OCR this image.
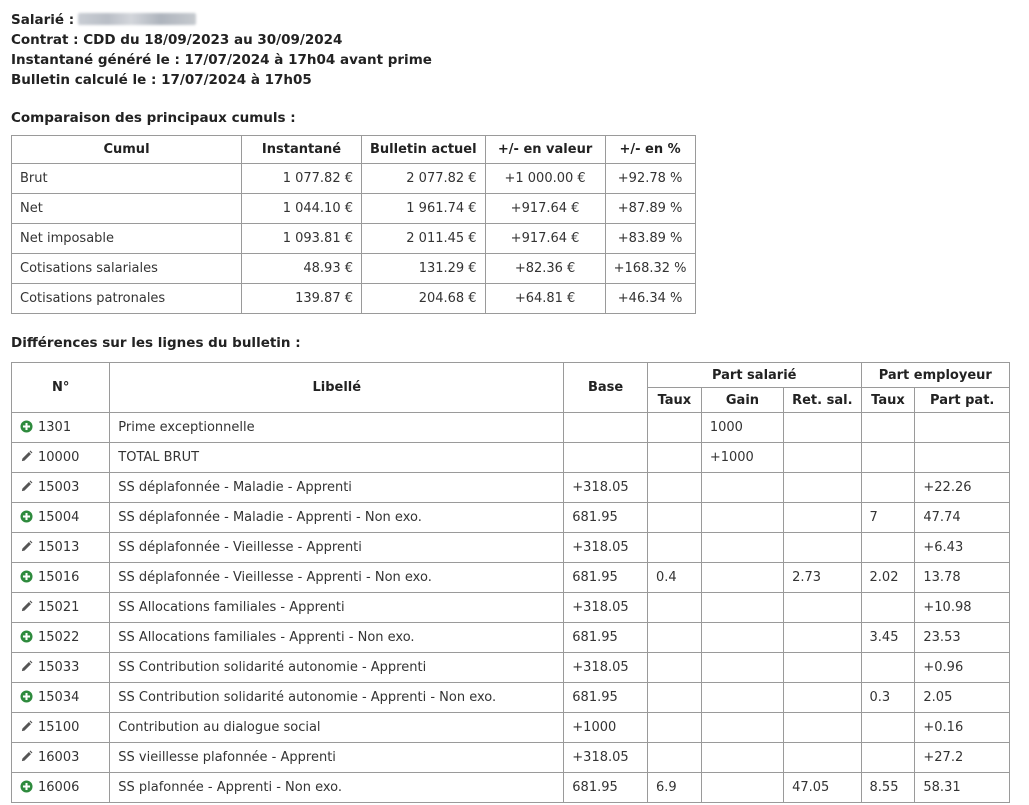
Salarié :
Contrat : CDD du 18/09/2023 au 30/09/2024
Instantané généré le : 17/07/2024 à 17h04 avant prime
Bulletin calculé le : 17/07/2024 à 17h05
Comparaison des principaux cumuls :
Cumul	Instantané	Bulletin actuel	+/- en valeur	+/- en %
Brut	1 077.82 €	2 077.82 €	+1 000.00 €	+92.78 %
Net	1 044.10 €	1 961.74 €	+917.64 €	+87.89 %
Net imposable	1 093.81 €	2 011.45 €	+917.64 €	+83.89 %
Cotisations salariales	48.93 €	131.29 €	+82.36 €	+168.32 %
Cotisations patronales	139.87 €	204.68 €	+64.81 €	+46.34 %
Différences sur les lignes du bulletin :
N°	Libellé	Base	Part salarié			Part employeur	
			Taux	Gain	Ret. sal.	Taux	Part pat.
1301	Prime exceptionnelle			1000			
10000	TOTAL BRUT			+1000			
15003	SS déplafonnée - Maladie - Apprenti	+318.05					+22.26
15004	SS déplafonnée - Maladie - Apprenti - Non exo.	681.95				7	47.74
15013	SS déplafonnée - Vieillesse - Apprenti	+318.05					+6.43
15016	SS déplafonnée - Vieillesse - Apprenti - Non exo.	681.95	0.4		2.73	2.02	13.78
15021	SS Allocations familiales - Apprenti	+318.05					+10.98
15022	SS Allocations familiales - Apprenti - Non exo.	681.95				3.45	23.53
15033	SS Contribution solidarité autonomie - Apprenti	+318.05					+0.96
15034	SS Contribution solidarité autonomie - Apprenti - Non exo.	681.95				0.3	2.05
15100	Contribution au dialogue social	+1000					+0.16
16003	SS vieillesse plafonnée - Apprenti	+318.05					+27.2
16006	SS plafonnée - Apprenti - Non exo.	681.95	6.9		47.05	8.55	58.31
